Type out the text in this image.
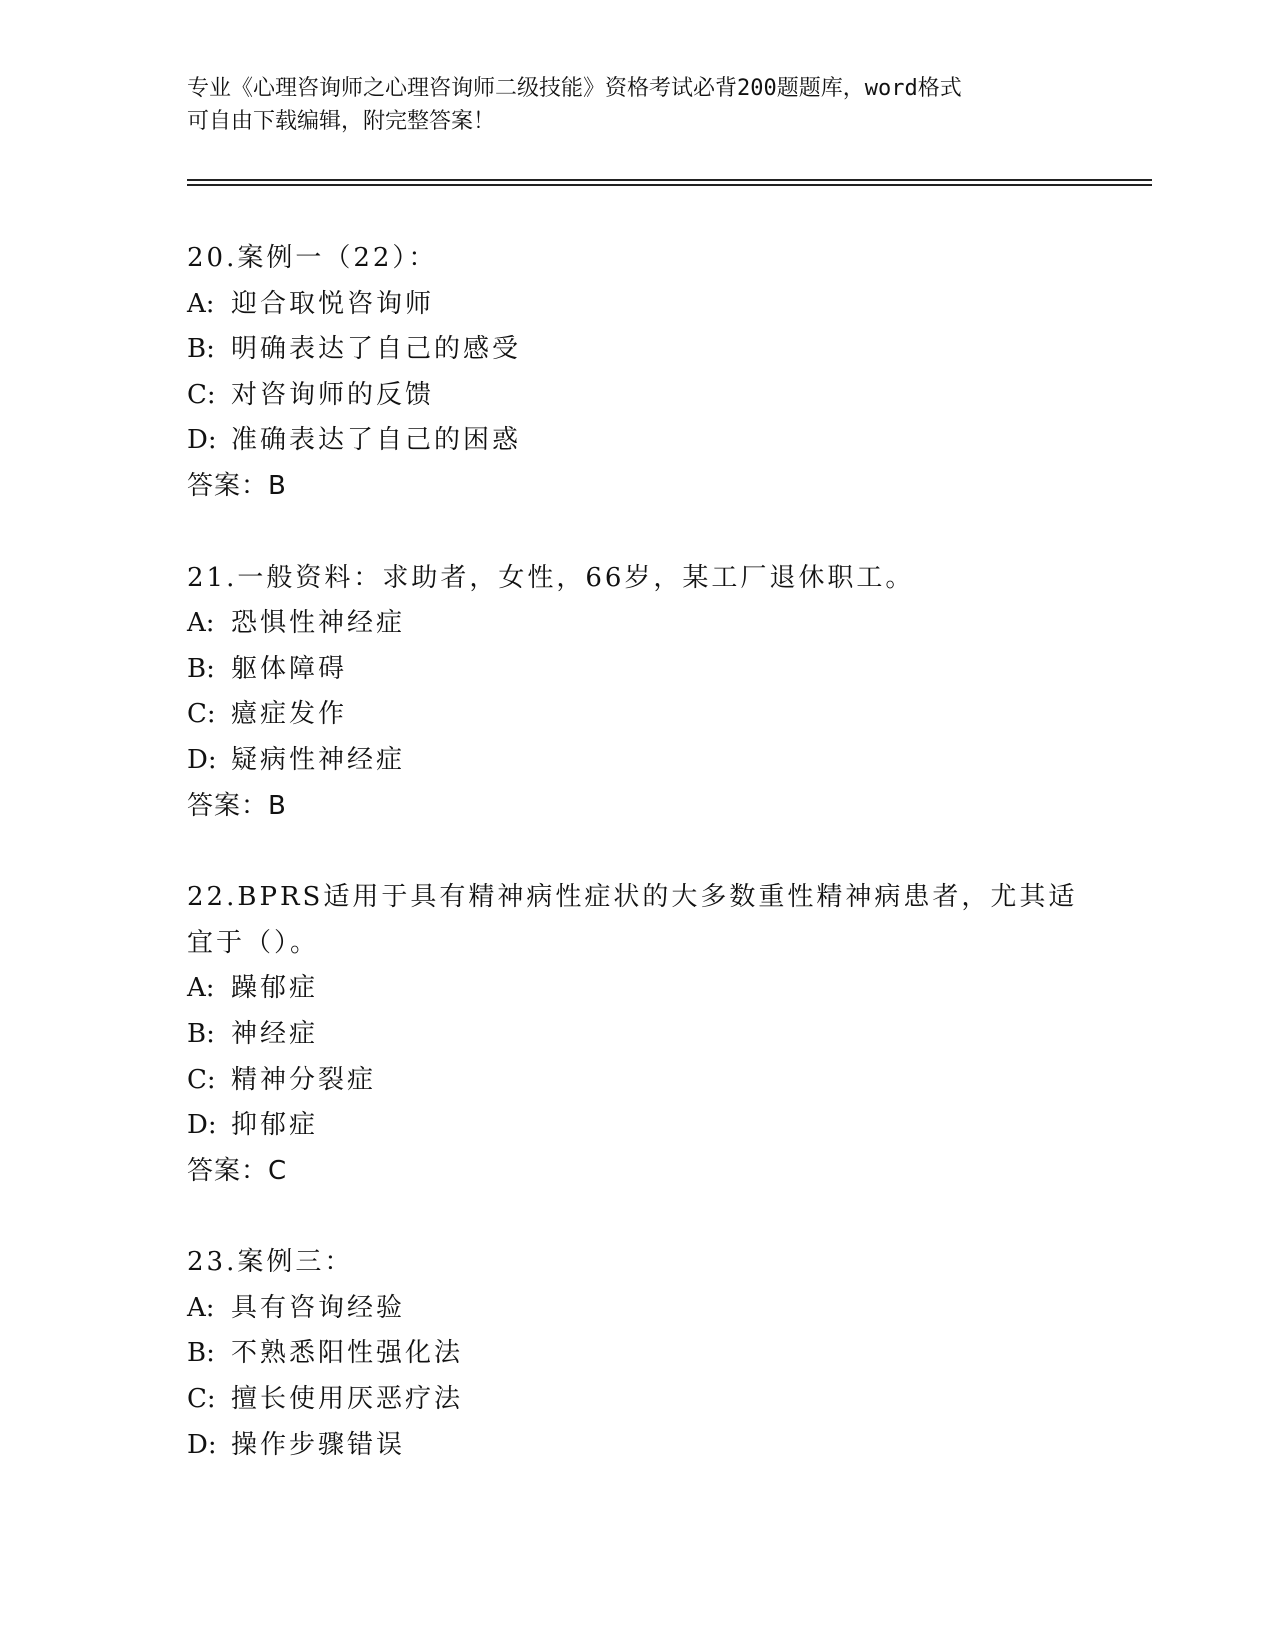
专业《心理咨询师之心理咨询师二级技能》资格考试必背200题题库，word格式
可自由下载编辑，附完整答案！
20.案例一（22）：
A: 迎合取悦咨询师
B: 明确表达了自己的感受
C: 对咨询师的反馈
D: 准确表达了自己的困惑
答案：B
21.一般资料：求助者，女性，66岁，某工厂退休职工。
A: 恐惧性神经症
B: 躯体障碍
C: 癔症发作
D: 疑病性神经症
答案：B
22.BPRS适用于具有精神病性症状的大多数重性精神病患者，尤其适宜于（）。
A: 躁郁症
B: 神经症
C: 精神分裂症
D: 抑郁症
答案：C
23.案例三：
A: 具有咨询经验
B: 不熟悉阳性强化法
C: 擅长使用厌恶疗法
D: 操作步骤错误
